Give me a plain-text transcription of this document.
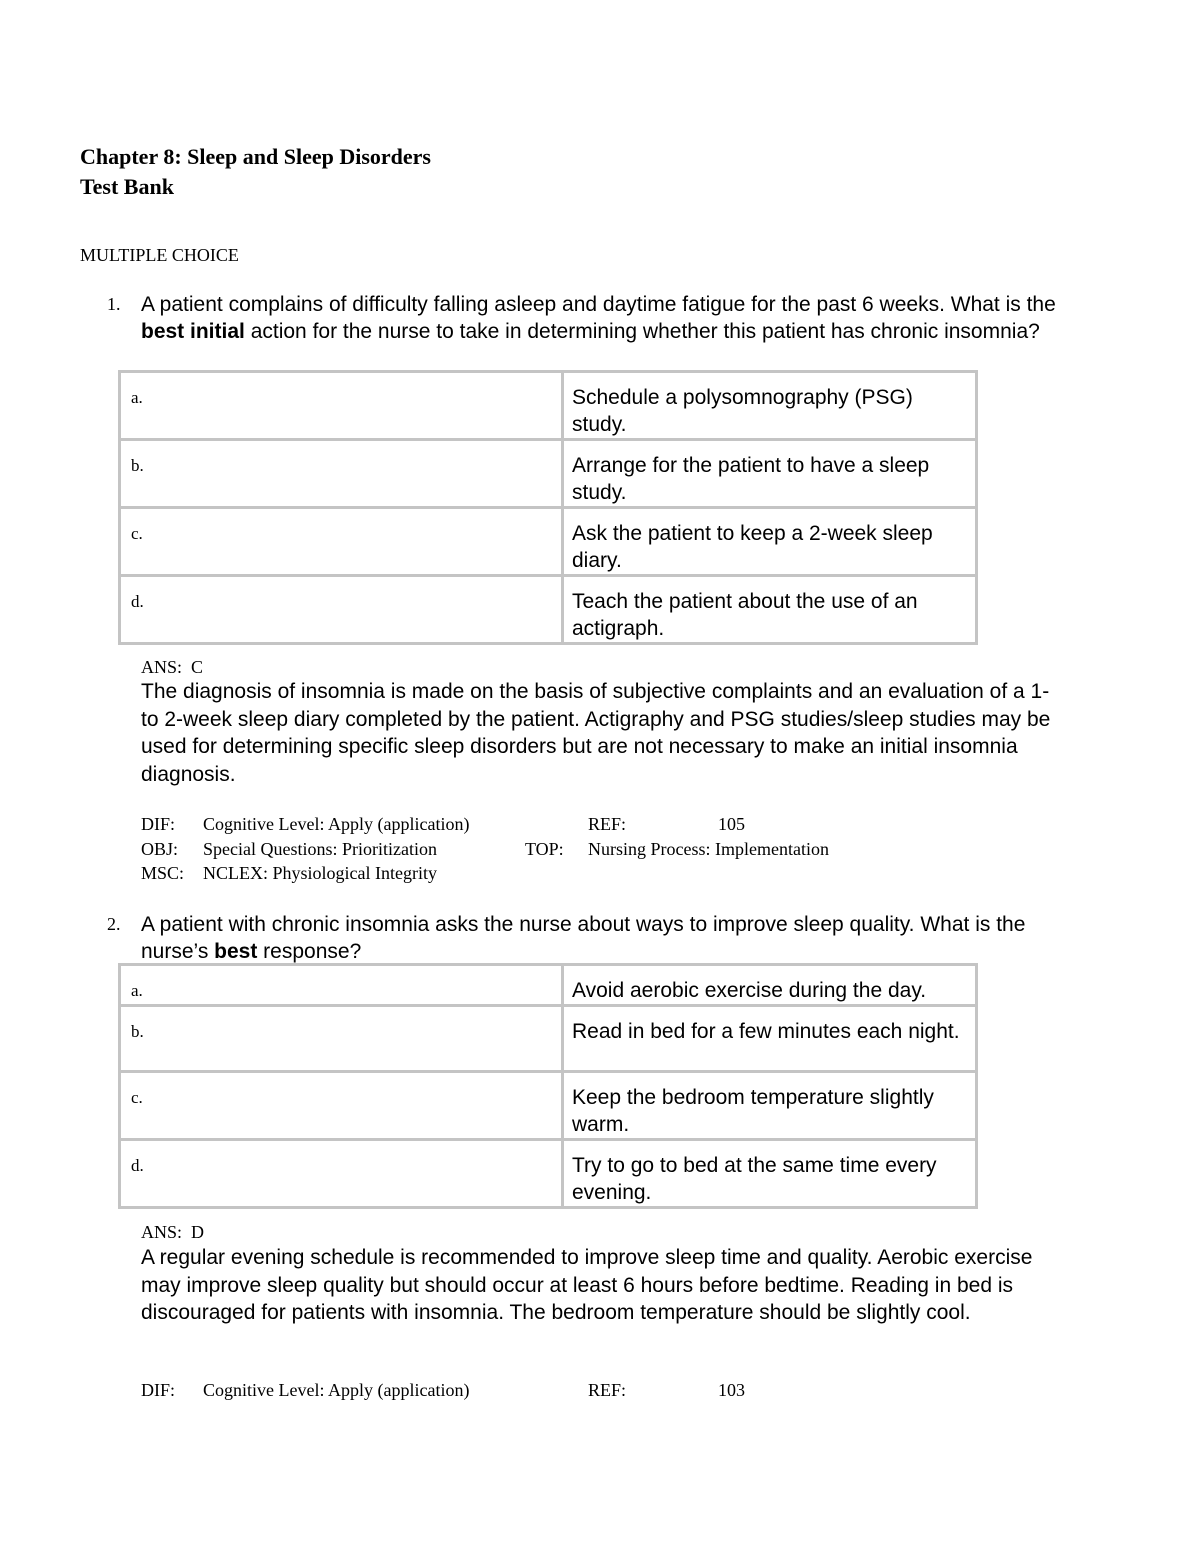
Chapter 8: Sleep and Sleep Disorders
Test Bank
MULTIPLE CHOICE
1. A patient complains of difficulty falling asleep and daytime fatigue for the past 6 weeks. What is the best initial action for the nurse to take in determining whether this patient has chronic insomnia?
a.	Schedule a polysomnography (PSG) study.
b.	Arrange for the patient to have a sleep study.
c.	Ask the patient to keep a 2-week sleep diary.
d.	Teach the patient about the use of an actigraph.
ANS: C
The diagnosis of insomnia is made on the basis of subjective complaints and an evaluation of a 1- to 2-week sleep diary completed by the patient. Actigraphy and PSG studies/sleep studies may be used for determining specific sleep disorders but are not necessary to make an initial insomnia diagnosis.
DIF: Cognitive Level: Apply (application)	REF:	105
OBJ: Special Questions: Prioritization	TOP: Nursing Process: Implementation
MSC: NCLEX: Physiological Integrity
2. A patient with chronic insomnia asks the nurse about ways to improve sleep quality. What is the nurse’s best response?
a.	Avoid aerobic exercise during the day.
b.	Read in bed for a few minutes each night.
c.	Keep the bedroom temperature slightly warm.
d.	Try to go to bed at the same time every evening.
ANS: D
A regular evening schedule is recommended to improve sleep time and quality. Aerobic exercise may improve sleep quality but should occur at least 6 hours before bedtime. Reading in bed is discouraged for patients with insomnia. The bedroom temperature should be slightly cool.
DIF: Cognitive Level: Apply (application)	REF:	103
